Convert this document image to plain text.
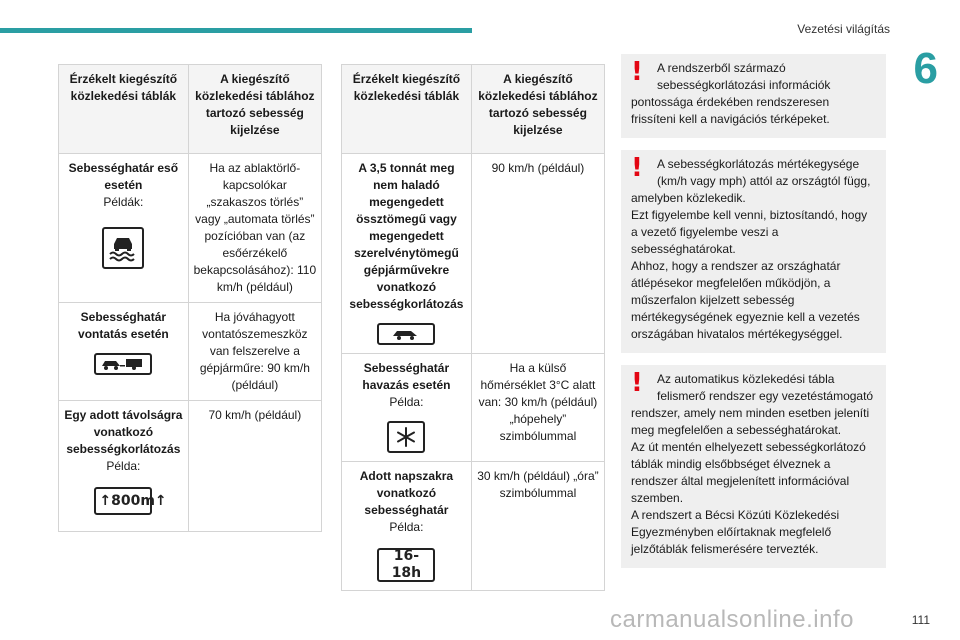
Vezetési világítás
6
Érzékelt kiegészítő közlekedési táblák	A kiegészítő közlekedési táblához tartozó sebesség kijelzése

Sebességhatár eső esetén
Példák:	Ha az ablaktörlő-kapcsolókar „szakaszos törlés” vagy „automata törlés” pozícióban van (az esőérzékelő bekapcsolásához): 110 km/h (például)

Sebességhatár vontatás esetén	Ha jóváhagyott vontatószemeszköz van felszerelve a gépjárműre: 90 km/h (például)

Egy adott távolságra vonatkozó sebességkorlátozás
Példa:
↑ 800m ↑	70 km/h (például)
Érzékelt kiegészítő közlekedési táblák	A kiegészítő közlekedési táblához tartozó sebesség kijelzése

A 3,5 tonnát meg nem haladó megengedett össztömegű vagy megengedett szerelvénytömegű gépjárművekre vonatkozó sebességkorlátozás	90 km/h (például)

Sebességhatár havazás esetén
Példa:	Ha a külső hőmérséklet 3°C alatt van: 30 km/h (például) „hópehely” szimbólummal

Adott napszakra vonatkozó sebességhatár
Példa:
16-18h	30 km/h (például) „óra” szimbólummal
!	A rendszerből származó sebességkorlátozási információk
pontossága érdekében rendszeresen frissíteni kell a navigációs térképeket.
!	A sebességkorlátozás mértékegysége (km/h vagy mph) attól az országtól függ,
amelyben közlekedik.
Ezt figyelembe kell venni, biztosítandó, hogy a vezető figyelembe veszi a sebességhatárokat.
Ahhoz, hogy a rendszer az országhatár átlépésekor megfelelően működjön, a műszerfalon kijelzett sebesség mértékegységének egyeznie kell a vezetés országában hivatalos mértékegységgel.
!	Az automatikus közlekedési tábla felismerő rendszer egy vezetéstámogató
rendszer, amely nem minden esetben jeleníti meg megfelelően a sebességhatárokat.
Az út mentén elhelyezett sebességkorlátozó táblák mindig elsőbbséget élveznek a rendszer által megjelenített információval szemben.
A rendszert a Bécsi Közúti Közlekedési Egyezményben előírtaknak megfelelő jelzőtáblák felismerésére tervezték.
carmanualsonline.info	111
